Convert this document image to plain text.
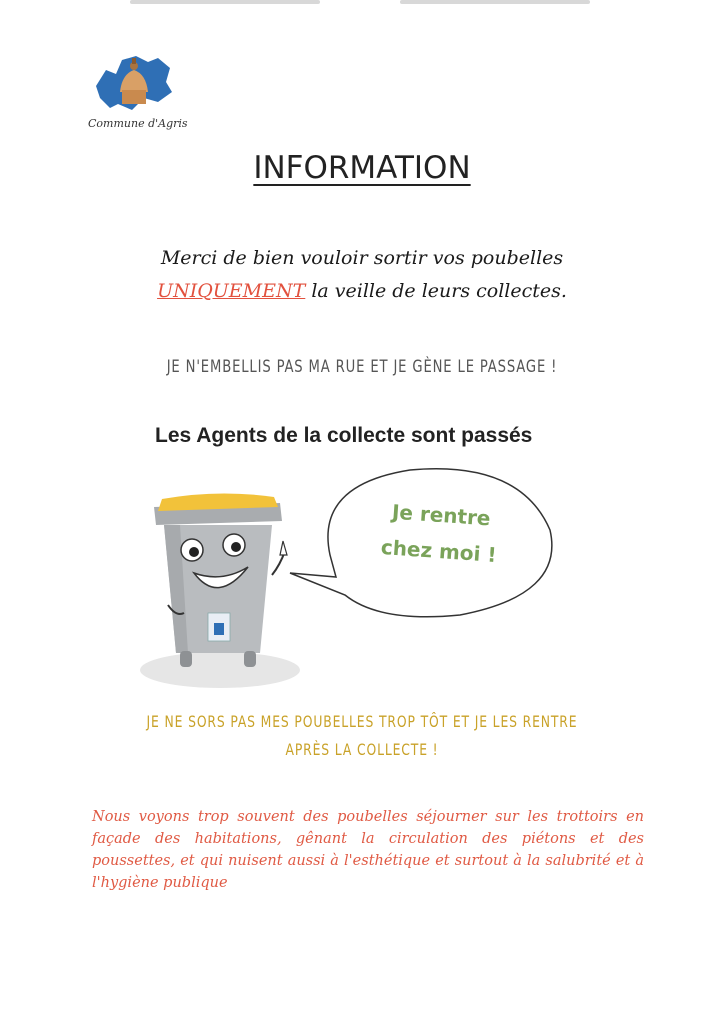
Commune d'Agris
INFORMATION
Merci de bien vouloir sortir vos poubelles
UNIQUEMENT la veille de leurs collectes.
JE N'EMBELLIS PAS MA RUE ET JE GÈNE LE PASSAGE !
Les Agents de la collecte sont passés
Je rentre
chez moi !
JE NE SORS PAS MES POUBELLES TROP TÔT ET JE LES RENTRE
APRÈS LA COLLECTE !
Nous voyons trop souvent des poubelles séjourner sur les trottoirs en façade des habitations, gênant la circulation des piétons et des poussettes, et qui nuisent aussi à l'esthétique et surtout à la salubrité et à l'hygiène publique
